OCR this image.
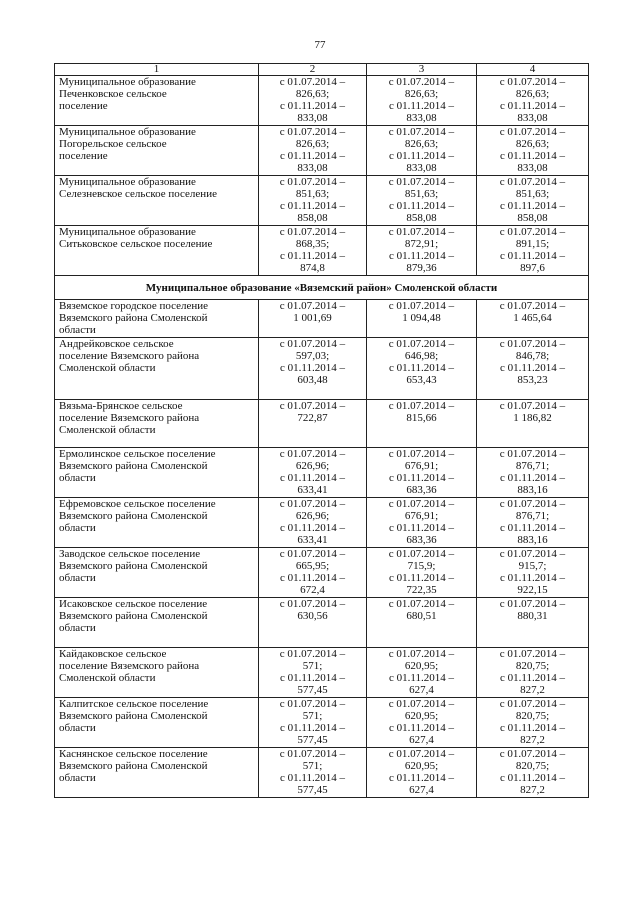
77
1	2	3	4

Муниципальное образование
Печенковское сельское
поселение	с 01.07.2014 –
826,63;
с 01.11.2014 –
833,08	с 01.07.2014 –
826,63;
с 01.11.2014 –
833,08	с 01.07.2014 –
826,63;
с 01.11.2014 –
833,08

Муниципальное образование
Погорельское сельское
поселение	с 01.07.2014 –
826,63;
с 01.11.2014 –
833,08	с 01.07.2014 –
826,63;
с 01.11.2014 –
833,08	с 01.07.2014 –
826,63;
с 01.11.2014 –
833,08

Муниципальное образование
Селезневское сельское поселение	с 01.07.2014 –
851,63;
с 01.11.2014 –
858,08	с 01.07.2014 –
851,63;
с 01.11.2014 –
858,08	с 01.07.2014 –
851,63;
с 01.11.2014 –
858,08

Муниципальное образование
Ситьковское сельское поселение	с 01.07.2014 –
868,35;
с 01.11.2014 –
874,8	с 01.07.2014 –
872,91;
с 01.11.2014 –
879,36	с 01.07.2014 –
891,15;
с 01.11.2014 –
897,6

Муниципальное образование «Вяземский район» Смоленской области			

Вяземское городское поселение
Вяземского района Смоленской
области	с 01.07.2014 –
1 001,69	с 01.07.2014 –
1 094,48	с 01.07.2014 –
1 465,64

Андрейковское сельское
поселение Вяземского района
Смоленской области	с 01.07.2014 –
597,03;
с 01.11.2014 –
603,48	с 01.07.2014 –
646,98;
с 01.11.2014 –
653,43	с 01.07.2014 –
846,78;
с 01.11.2014 –
853,23

Вязьма-Брянское сельское
поселение Вяземского района
Смоленской области	с 01.07.2014 –
722,87	с 01.07.2014 –
815,66	с 01.07.2014 –
1 186,82

Ермолинское сельское поселение
Вяземского района Смоленской
области	с 01.07.2014 –
626,96;
с 01.11.2014 –
633,41	с 01.07.2014 –
676,91;
с 01.11.2014 –
683,36	с 01.07.2014 –
876,71;
с 01.11.2014 –
883,16

Ефремовское сельское поселение
Вяземского района Смоленской
области	с 01.07.2014 –
626,96;
с 01.11.2014 –
633,41	с 01.07.2014 –
676,91;
с 01.11.2014 –
683,36	с 01.07.2014 –
876,71;
с 01.11.2014 –
883,16

Заводское сельское поселение
Вяземского района Смоленской
области	с 01.07.2014 –
665,95;
с 01.11.2014 –
672,4	с 01.07.2014 –
715,9;
с 01.11.2014 –
722,35	с 01.07.2014 –
915,7;
с 01.11.2014 –
922,15

Исаковское сельское поселение
Вяземского района Смоленской
области	с 01.07.2014 –
630,56	с 01.07.2014 –
680,51	с 01.07.2014 –
880,31

Кайдаковское сельское
поселение Вяземского района
Смоленской области	с 01.07.2014 –
571;
с 01.11.2014 –
577,45	с 01.07.2014 –
620,95;
с 01.11.2014 –
627,4	с 01.07.2014 –
820,75;
с 01.11.2014 –
827,2

Калпитское сельское поселение
Вяземского района Смоленской
области	с 01.07.2014 –
571;
с 01.11.2014 –
577,45	с 01.07.2014 –
620,95;
с 01.11.2014 –
627,4	с 01.07.2014 –
820,75;
с 01.11.2014 –
827,2

Каснянское сельское поселение
Вяземского района Смоленской
области	с 01.07.2014 –
571;
с 01.11.2014 –
577,45	с 01.07.2014 –
620,95;
с 01.11.2014 –
627,4	с 01.07.2014 –
820,75;
с 01.11.2014 –
827,2
